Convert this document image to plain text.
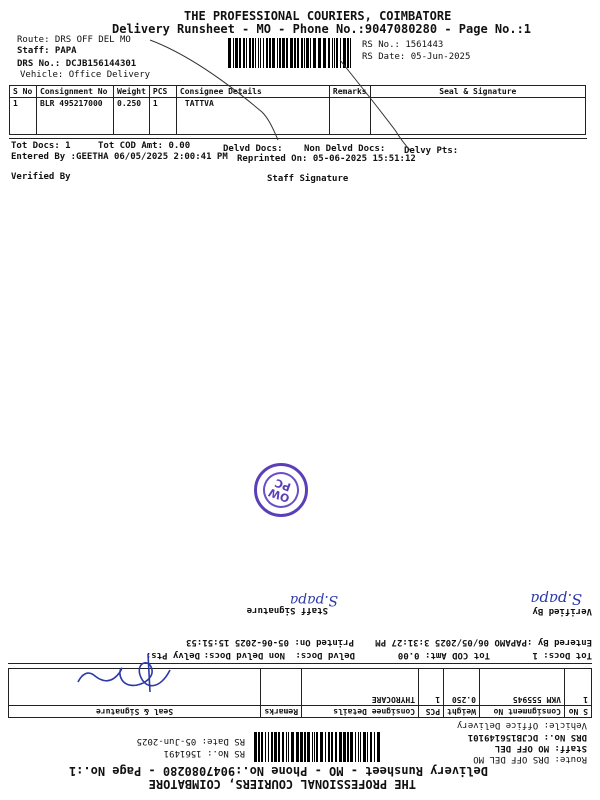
THE PROFESSIONAL COURIERS, COIMBATORE
Delivery Runsheet - MO - Phone No.:9047080280 - Page No.:1
Route: DRS OFF DEL MO
Staff: PAPA
DRS No.: DCJB156144301
Vehicle: Office Delivery
RS No.: 1561443
RS Date: 05-Jun-2025
S No	Consignment No	Weight	PCS	Consignee Details	Remarks	Seal & Signature
1	BLR 495217000	0.250	1	TATTVA		
Tot Docs: 1	Tot COD Amt: 0.00	Delvd Docs: Non Delvd Docs: Delvy Pts:
Entered By :GEETHA 06/05/2025 2:00:41 PM Reprinted On: 05-06-2025 15:51:12
Verified By	Staff Signature
OW
PC
THE PROFESSIONAL COURIERS, COIMBATORE
Delivery Runsheet - MO - Phone No.:9047080280 - Page No.:1
Route: DRS OFF DEL MO
Staff: MO OFF DEL
DRS No.: DCJB156149101
Vehicle: Office Delivery
RS No.: 1561491
RS Date: 05-Jun-2025
S No	Consignment No	Weight	PCS	Consignee Details	Remarks	Seal & Signature
1	VKM 555945	0.250	1	THYROCARE		
Tot Docs: 1
Tot COD Amt: 0.00
Delvd Docs:
Non Delvd Docs:
Delvy Pts:
Entered By :PAPAMO 06/05/2025 3:31:27 PM
Printed On: 05-06-2025 15:51:53
Verified By
Staff Signature
S.papa
S.papa
